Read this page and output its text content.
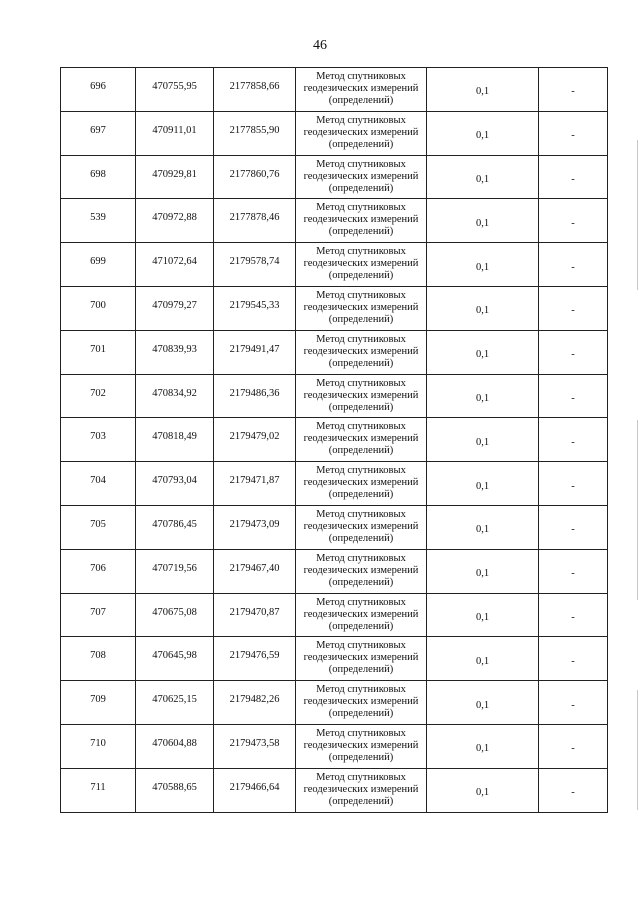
46
696	470755,95	2177858,66	Метод спутниковых
геодезических измерений
(определений)	0,1	-
697	470911,01	2177855,90	Метод спутниковых
геодезических измерений
(определений)	0,1	-
698	470929,81	2177860,76	Метод спутниковых
геодезических измерений
(определений)	0,1	-
539	470972,88	2177878,46	Метод спутниковых
геодезических измерений
(определений)	0,1	-
699	471072,64	2179578,74	Метод спутниковых
геодезических измерений
(определений)	0,1	-
700	470979,27	2179545,33	Метод спутниковых
геодезических измерений
(определений)	0,1	-
701	470839,93	2179491,47	Метод спутниковых
геодезических измерений
(определений)	0,1	-
702	470834,92	2179486,36	Метод спутниковых
геодезических измерений
(определений)	0,1	-
703	470818,49	2179479,02	Метод спутниковых
геодезических измерений
(определений)	0,1	-
704	470793,04	2179471,87	Метод спутниковых
геодезических измерений
(определений)	0,1	-
705	470786,45	2179473,09	Метод спутниковых
геодезических измерений
(определений)	0,1	-
706	470719,56	2179467,40	Метод спутниковых
геодезических измерений
(определений)	0,1	-
707	470675,08	2179470,87	Метод спутниковых
геодезических измерений
(определений)	0,1	-
708	470645,98	2179476,59	Метод спутниковых
геодезических измерений
(определений)	0,1	-
709	470625,15	2179482,26	Метод спутниковых
геодезических измерений
(определений)	0,1	-
710	470604,88	2179473,58	Метод спутниковых
геодезических измерений
(определений)	0,1	-
711	470588,65	2179466,64	Метод спутниковых
геодезических измерений
(определений)	0,1	-
